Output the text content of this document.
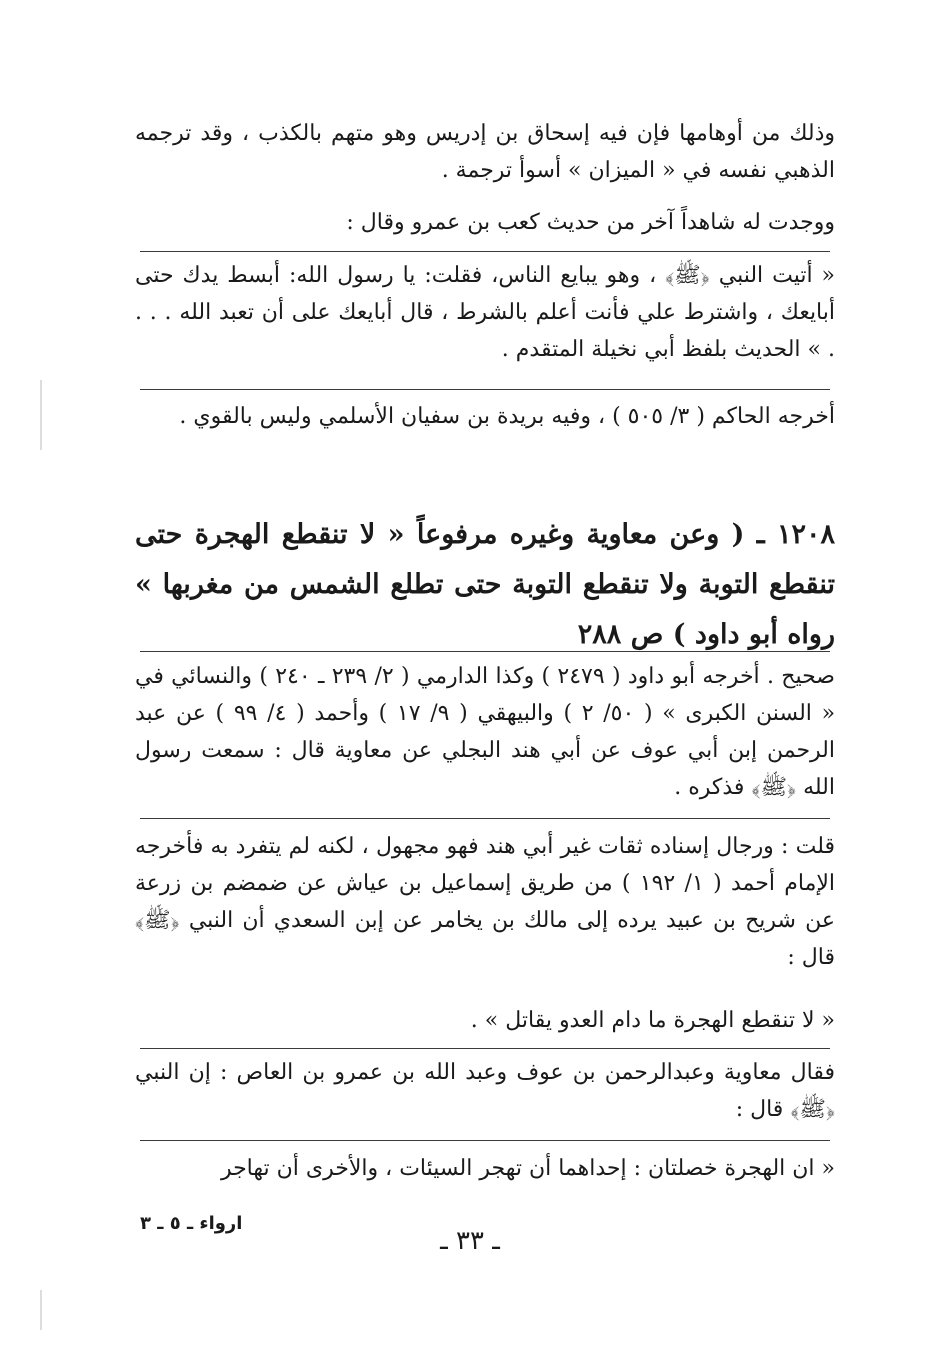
وذلك من أوهامها فإن فيه إسحاق بن إدريس وهو متهم بالكذب ، وقد ترجمه الذهبي نفسه في « الميزان » أسوأ ترجمة .
ووجدت له شاهداً آخر من حديث كعب بن عمرو وقال :
« أتيت النبي ﴿ﷺ﴾ ، وهو يبايع الناس، فقلت: يا رسول الله: أبسط يدك حتى أبايعك ، واشترط علي فأنت أعلم بالشرط ، قال أبايعك على أن تعبد الله . . . . » الحديث بلفظ أبي نخيلة المتقدم .
أخرجه الحاكم ( ٣/ ٥٠٥ ) ، وفيه بريدة بن سفيان الأسلمي وليس بالقوي .
١٢٠٨ ـ ( وعن معاوية وغيره مرفوعاً « لا تنقطع الهجرة حتى تنقطع التوبة ولا تنقطع التوبة حتى تطلع الشمس من مغربها » رواه أبو داود ) ص ٢٨٨
صحيح . أخرجه أبو داود ( ٢٤٧٩ ) وكذا الدارمي ( ٢/ ٢٣٩ ـ ٢٤٠ ) والنسائي في « السنن الكبرى » ( ٥٠/ ٢ ) والبيهقي ( ٩/ ١٧ ) وأحمد ( ٤/ ٩٩ ) عن عبد الرحمن إبن أبي عوف عن أبي هند البجلي عن معاوية قال : سمعت رسول الله ﴿ﷺ﴾ فذكره .
قلت : ورجال إسناده ثقات غير أبي هند فهو مجهول ، لكنه لم يتفرد به فأخرجه الإمام أحمد ( ١/ ١٩٢ ) من طريق إسماعيل بن عياش عن ضمضم بن زرعة عن شريح بن عبيد يرده إلى مالك بن يخامر عن إبن السعدي أن النبي ﴿ﷺ﴾ قال :
« لا تنقطع الهجرة ما دام العدو يقاتل » .
فقال معاوية وعبدالرحمن بن عوف وعبد الله بن عمرو بن العاص : إن النبي ﴿ﷺ﴾ قال :
« ان الهجرة خصلتان : إحداهما أن تهجر السيئات ، والأخرى أن تهاجر
ارواء ـ ٥ ـ ٣
ـ ٣٣ ـ
